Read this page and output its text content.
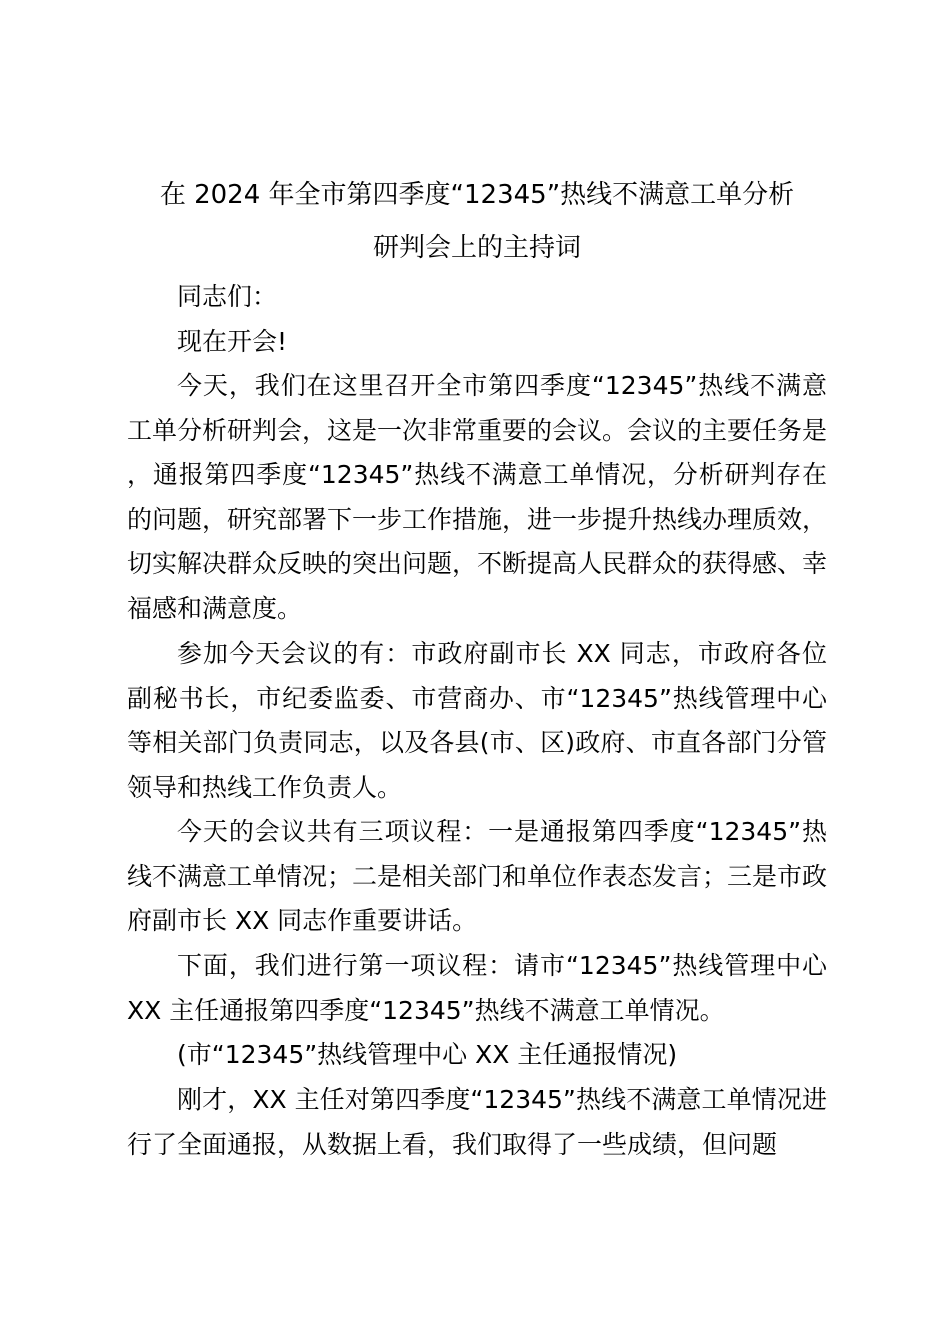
在 2024 年全市第四季度“12345”热线不满意工单分析
研判会上的主持词

同志们：

现在开会!

今天，我们在这里召开全市第四季度“12345”热线不满意工单分析研判会，这是一次非常重要的会议。会议的主要任务是，通报第四季度“12345”热线不满意工单情况，分析研判存在的问题，研究部署下一步工作措施，进一步提升热线办理质效，切实解决群众反映的突出问题，不断提高人民群众的获得感、幸福感和满意度。

参加今天会议的有：市政府副市长 XX 同志，市政府各位副秘书长，市纪委监委、市营商办、市“12345”热线管理中心等相关部门负责同志，以及各县(市、区)政府、市直各部门分管领导和热线工作负责人。

今天的会议共有三项议程：一是通报第四季度“12345”热线不满意工单情况；二是相关部门和单位作表态发言；三是市政府副市长 XX 同志作重要讲话。

下面，我们进行第一项议程：请市“12345”热线管理中心 XX 主任通报第四季度“12345”热线不满意工单情况。

(市“12345”热线管理中心 XX 主任通报情况)

刚才，XX 主任对第四季度“12345”热线不满意工单情况进行了全面通报，从数据上看，我们取得了一些成绩，但问题
